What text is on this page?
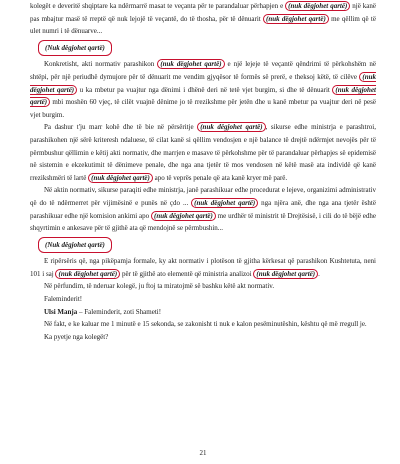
kolegët e deveritë shqiptare ka ndërmarrë masat te veçanta për te parandaluar përhapjen e (nuk dëgjohet qartë) një kanë pas mbajtur masë të rreptë që nuk lejojë të veçantë, do të thosha, për të dënuarit (nuk dëgjohet qartë) me qëllim që të ulet numri i të dënuarve...

(Nuk dëgjohet qartë)

Konkretisht, akti normativ parashikon (nuk dëgjohet qartë) e një lejeje të veçantë qëndrimi të përkohshëm në shtëpi, për një periudhë dymujore për të dënuarit me vendim gjyqësor të formës së prerë, e theksoj këtë, të cilëve (nuk dëgjohet qartë) u ka mbetur pa vuajtur nga dënimi i dhënë deri në tetë vjet burgim, si dhe të dënuarit (nuk dëgjohet qartë) mbi moshën 60 vjeç, të cilët vuajnë dënime jo të rrezikshme për jetën dhe u kanë mbetur pa vuajtur deri në pesë vjet burgim.

Pa dashur t'ju marr kohë dhe të bie në përsëritje (nuk dëgjohet qartë) , sikurse edhe ministrja e parashtroi, parashikohen një sërë kriteresh ndaluese, të cilat kanë si qëllim vendosjen e një balance të drejtë ndërmjet nevojës për të përmbushur qëllimin e këtij akti normativ, dhe marrjen e masave të përkohshme për të parandaluar përhapjes së epidemisë në sistemin e ekzekutimit të dënimeve penale, dhe nga ana tjetër të mos vendosen në këtë masë ata individë që kanë rrezikshmëri të lartë (nuk dëgjohet qartë) apo të veprës penale që ata kanë kryer më parë.

Në aktin normativ, sikurse paraqiti edhe ministrja, janë parashikuar edhe procedurat e lejeve, organizimi administrativ që do të ndërmerret për vijimësinë e punës në çdo ... (nuk dëgjohet qartë) nga njëra anë, dhe nga ana tjetër është parashikuar edhe një komision ankimi apo (nuk dëgjohet qartë) me urdhër të ministrit të Drejtësisë, i cili do të bëjë edhe shqyrtimin e ankesave për të gjithë ata që mendojnë se përmbushin...

(Nuk dëgjohet qartë)

E ripërsëris që, nga pikëpamja formale, ky akt normativ i plotëson të gjitha kërkesat që parashikon Kushtetuta, neni 101 i saj (nuk dëgjohet qartë) për të gjithë ato elementë që ministria analizoi (nuk dëgjohet qartë) .

Në përfundim, të nderuar kolegë, ju ftoj ta miratojmë së bashku këtë akt normativ.

Faleminderit!

Ulsi Manja – Faleminderit, zoti Shameti!

Në fakt, e ke kaluar me 1 minutë e 15 sekonda, se zakonisht ti nuk e kalon pesëminutëshin, kështu që më rregull je.

Ka pyetje nga kolegët?

21
